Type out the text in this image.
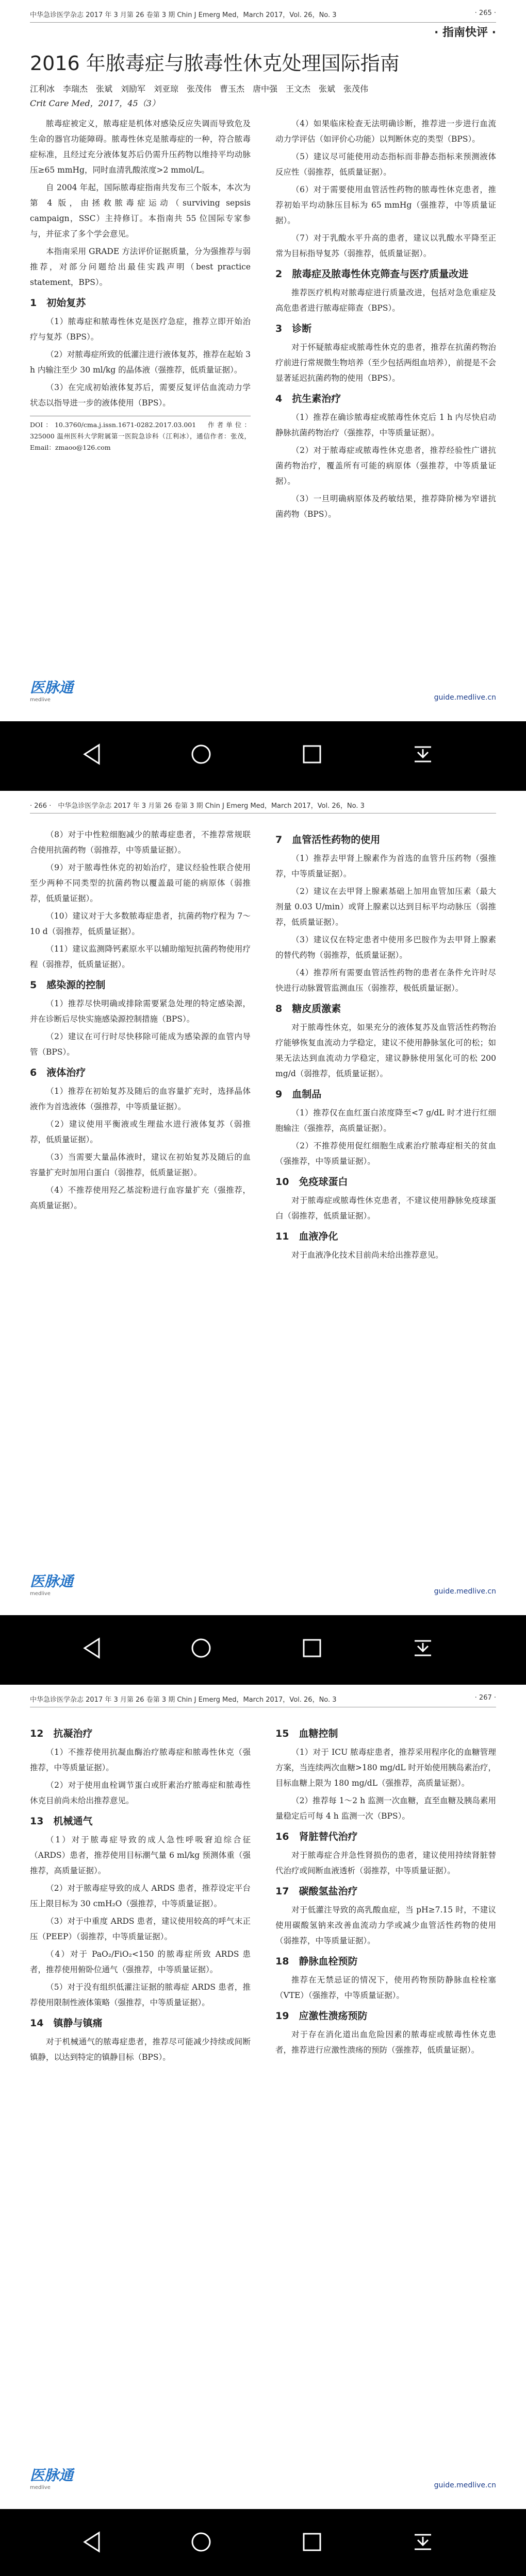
中华急诊医学杂志 2017 年 3 月第 26 卷第 3 期 Chin J Emerg Med，March 2017，Vol. 26，No. 3	· 265 ·
· 指南快评 ·
2016 年脓毒症与脓毒性休克处理国际指南
江利冰　李瑞杰　张斌　刘励军　刘亚琼　张茂伟　曹玉杰　唐中强　王文杰　张斌　张茂伟
Crit Care Med，2017，45（3）

脓毒症被定义，脓毒症是机体对感染反应失调而导致危及生命的器官功能障碍。脓毒性休克是脓毒症的一种，符合脓毒症标准，且经过充分液体复苏后仍需升压药物以维持平均动脉压≥65 mmHg，同时血清乳酸浓度>2 mmol/L。

自 2004 年起，国际脓毒症指南共发布三个版本，本次为第 4 版，由拯救脓毒症运动（surviving sepsis campaign，SSC）主持修订。本指南共 55 位国际专家参与，并征求了多个学会意见。

本指南采用 GRADE 方法评价证据质量，分为强推荐与弱推荐，对部分问题给出最佳实践声明（best practice statement，BPS）。

1　初始复苏

（1）脓毒症和脓毒性休克是医疗急症，推荐立即开始治疗与复苏（BPS）。

（2）对脓毒症所致的低灌注进行液体复苏，推荐在起始 3 h 内输注至少 30 ml/kg 的晶体液（强推荐，低质量证据）。

（3）在完成初始液体复苏后，需要反复评估血流动力学状态以指导进一步的液体使用（BPS）。

DOI：10.3760/cma.j.issn.1671-0282.2017.03.001　作者单位：325000 温州医科大学附属第一医院急诊科（江利冰），通信作者：张茂，Email：zmaoo@126.com

（4）如果临床检查无法明确诊断，推荐进一步进行血流动力学评估（如评价心功能）以判断休克的类型（BPS）。

（5）建议尽可能使用动态指标而非静态指标来预测液体反应性（弱推荐，低质量证据）。

（6）对于需要使用血管活性药物的脓毒性休克患者，推荐初始平均动脉压目标为 65 mmHg（强推荐，中等质量证据）。

（7）对于乳酸水平升高的患者，建议以乳酸水平降至正常为目标指导复苏（弱推荐，低质量证据）。

2　脓毒症及脓毒性休克筛查与医疗质量改进

推荐医疗机构对脓毒症进行质量改进，包括对急危重症及高危患者进行脓毒症筛查（BPS）。

3　诊断

对于怀疑脓毒症或脓毒性休克的患者，推荐在抗菌药物治疗前进行常规微生物培养（至少包括两组血培养），前提是不会显著延迟抗菌药物的使用（BPS）。

4　抗生素治疗

（1）推荐在确诊脓毒症或脓毒性休克后 1 h 内尽快启动静脉抗菌药物治疗（强推荐，中等质量证据）。

（2）对于脓毒症或脓毒性休克患者，推荐经验性广谱抗菌药物治疗，覆盖所有可能的病原体（强推荐，中等质量证据）。

（3）一旦明确病原体及药敏结果，推荐降阶梯为窄谱抗菌药物（BPS）。

医脉通
medlive	guide.medlive.cn
· 266 ·　 中华急诊医学杂志 2017 年 3 月第 26 卷第 3 期 Chin J Emerg Med，March 2017，Vol. 26，No. 3

（8）对于中性粒细胞减少的脓毒症患者，不推荐常规联合使用抗菌药物（弱推荐，中等质量证据）。

（9）对于脓毒性休克的初始治疗，建议经验性联合使用至少两种不同类型的抗菌药物以覆盖最可能的病原体（弱推荐，低质量证据）。

（10）建议对于大多数脓毒症患者，抗菌药物疗程为 7～10 d（弱推荐，低质量证据）。

（11）建议监测降钙素原水平以辅助缩短抗菌药物使用疗程（弱推荐，低质量证据）。

5　感染源的控制

（1）推荐尽快明确或排除需要紧急处理的特定感染源，并在诊断后尽快实施感染源控制措施（BPS）。

（2）建议在可行时尽快移除可能成为感染源的血管内导管（BPS）。

6　液体治疗

（1）推荐在初始复苏及随后的血容量扩充时，选择晶体液作为首选液体（强推荐，中等质量证据）。

（2）建议使用平衡液或生理盐水进行液体复苏（弱推荐，低质量证据）。

（3）当需要大量晶体液时，建议在初始复苏及随后的血容量扩充时加用白蛋白（弱推荐，低质量证据）。

（4）不推荐使用羟乙基淀粉进行血容量扩充（强推荐，高质量证据）。

7　血管活性药物的使用

（1）推荐去甲肾上腺素作为首选的血管升压药物（强推荐，中等质量证据）。

（2）建议在去甲肾上腺素基础上加用血管加压素（最大剂量 0.03 U/min）或肾上腺素以达到目标平均动脉压（弱推荐，低质量证据）。

（3）建议仅在特定患者中使用多巴胺作为去甲肾上腺素的替代药物（弱推荐，低质量证据）。

（4）推荐所有需要血管活性药物的患者在条件允许时尽快进行动脉置管监测血压（弱推荐，极低质量证据）。

8　糖皮质激素

对于脓毒性休克，如果充分的液体复苏及血管活性药物治疗能够恢复血流动力学稳定，建议不使用静脉氢化可的松；如果无法达到血流动力学稳定，建议静脉使用氢化可的松 200 mg/d（弱推荐，低质量证据）。

9　血制品

（1）推荐仅在血红蛋白浓度降至<7 g/dL 时才进行红细胞输注（强推荐，高质量证据）。

（2）不推荐使用促红细胞生成素治疗脓毒症相关的贫血（强推荐，中等质量证据）。

10　免疫球蛋白

对于脓毒症或脓毒性休克患者，不建议使用静脉免疫球蛋白（弱推荐，低质量证据）。

11　血液净化

对于血液净化技术目前尚未给出推荐意见。

医脉通
medlive	guide.medlive.cn
中华急诊医学杂志 2017 年 3 月第 26 卷第 3 期 Chin J Emerg Med，March 2017，Vol. 26，No. 3	· 267 ·
12　抗凝治疗

（1）不推荐使用抗凝血酶治疗脓毒症和脓毒性休克（强推荐，中等质量证据）。

（2）对于使用血栓调节蛋白或肝素治疗脓毒症和脓毒性休克目前尚未给出推荐意见。

13　机械通气

（1）对于脓毒症导致的成人急性呼吸窘迫综合征（ARDS）患者，推荐使用目标潮气量 6 ml/kg 预测体重（强推荐，高质量证据）。

（2）对于脓毒症导致的成人 ARDS 患者，推荐设定平台压上限目标为 30 cmH₂O（强推荐，中等质量证据）。

（3）对于中重度 ARDS 患者，建议使用较高的呼气末正压（PEEP）（弱推荐，中等质量证据）。

（4）对于 PaO₂/FiO₂<150 的脓毒症所致 ARDS 患者，推荐使用俯卧位通气（强推荐，中等质量证据）。

（5）对于没有组织低灌注证据的脓毒症 ARDS 患者，推荐使用限制性液体策略（强推荐，中等质量证据）。

14　镇静与镇痛

对于机械通气的脓毒症患者，推荐尽可能减少持续或间断镇静，以达到特定的镇静目标（BPS）。

15　血糖控制

（1）对于 ICU 脓毒症患者，推荐采用程序化的血糖管理方案，当连续两次血糖>180 mg/dL 时开始使用胰岛素治疗，目标血糖上限为 180 mg/dL（强推荐，高质量证据）。

（2）推荐每 1～2 h 监测一次血糖，直至血糖及胰岛素用量稳定后可每 4 h 监测一次（BPS）。

16　肾脏替代治疗

对于脓毒症合并急性肾损伤的患者，建议使用持续肾脏替代治疗或间断血液透析（弱推荐，中等质量证据）。

17　碳酸氢盐治疗

对于低灌注导致的高乳酸血症，当 pH≥7.15 时，不建议使用碳酸氢钠来改善血流动力学或减少血管活性药物的使用（弱推荐，中等质量证据）。

18　静脉血栓预防

推荐在无禁忌证的情况下，使用药物预防静脉血栓栓塞（VTE）（强推荐，中等质量证据）。

19　应激性溃疡预防

对于存在消化道出血危险因素的脓毒症或脓毒性休克患者，推荐进行应激性溃疡的预防（强推荐，低质量证据）。

医脉通
medlive	guide.medlive.cn
